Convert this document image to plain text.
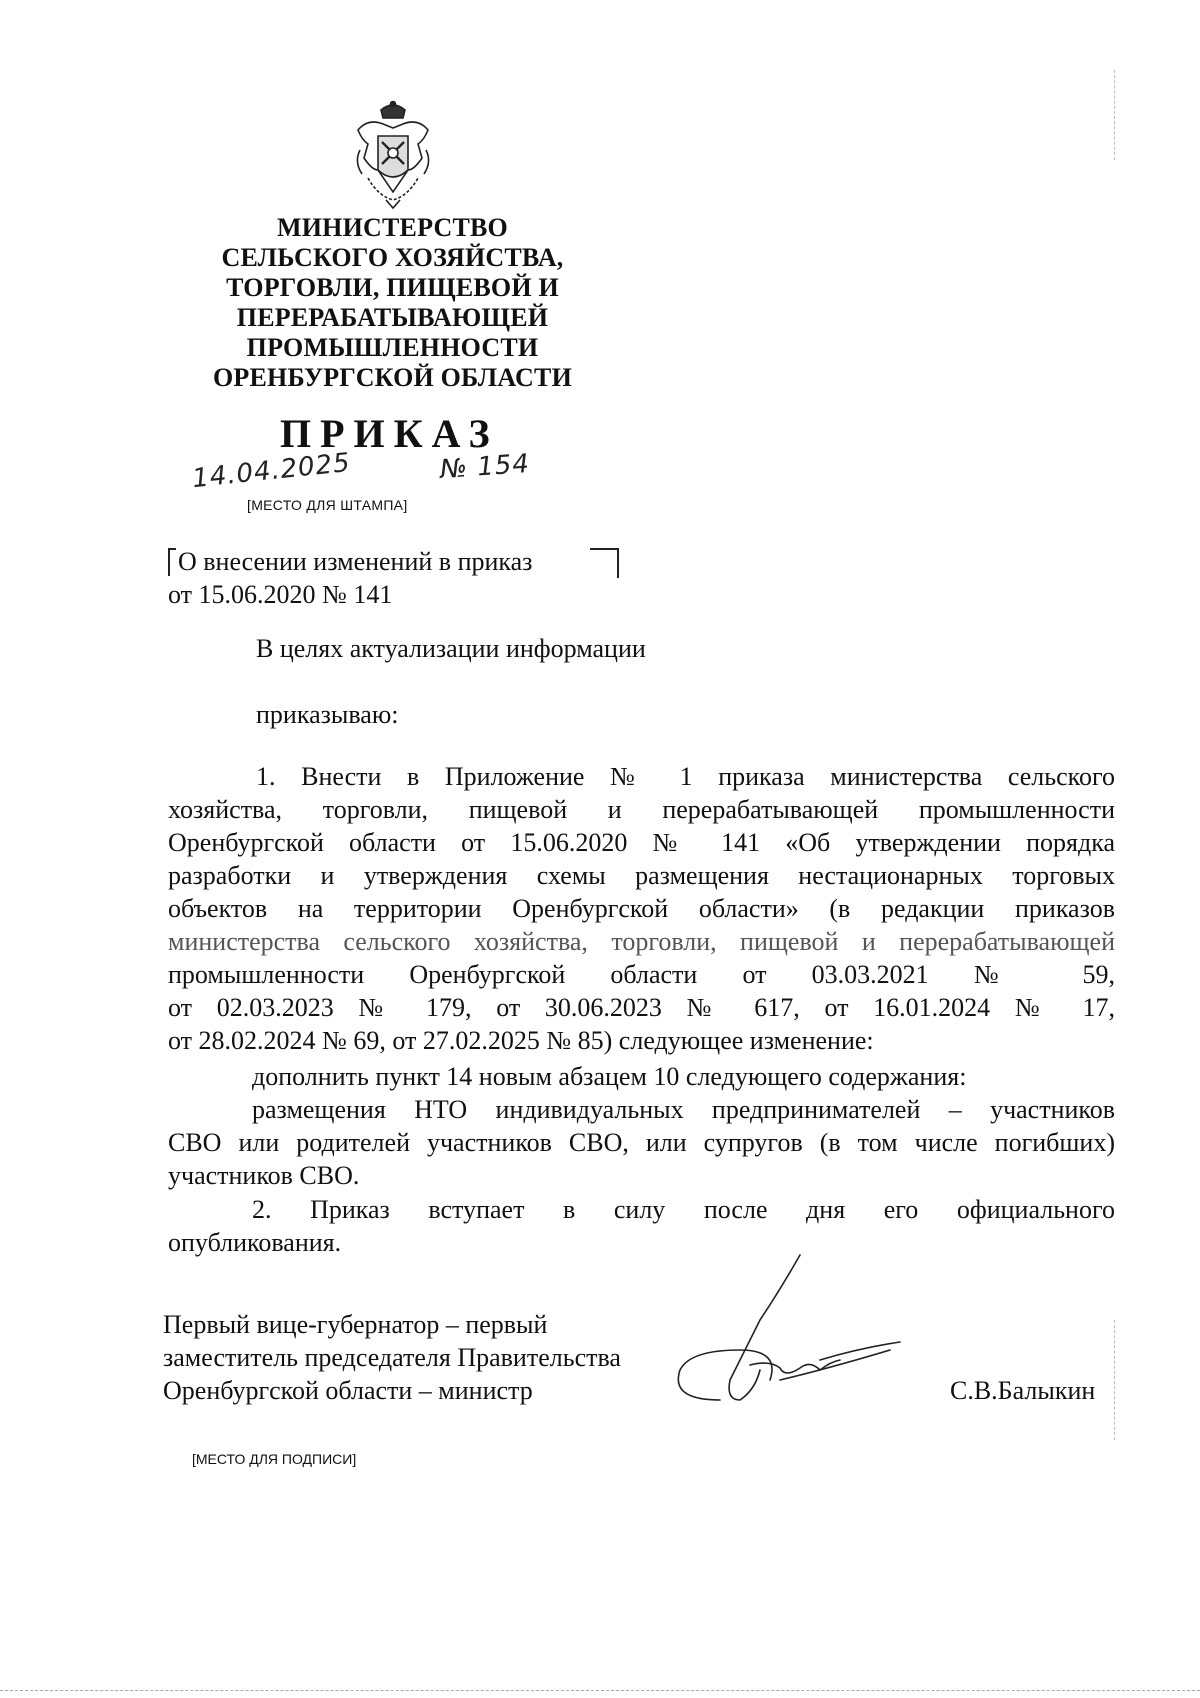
МИНИСТЕРСТВО
СЕЛЬСКОГО ХОЗЯЙСТВА,
ТОРГОВЛИ, ПИЩЕВОЙ И
ПЕРЕРАБАТЫВАЮЩЕЙ
ПРОМЫШЛЕННОСТИ
ОРЕНБУРГСКОЙ ОБЛАСТИ
ПРИКАЗ
14.04.2025	№ 154
[МЕСТО ДЛЯ ШТАМПА]
О внесении изменений в приказ
от 15.06.2020 № 141
В целях актуализации информации
приказываю:
1. Внести в Приложение № 1 приказа министерства сельского
хозяйства, торговли, пищевой и перерабатывающей промышленности
Оренбургской области от 15.06.2020 № 141 «Об утверждении порядка
разработки и утверждения схемы размещения нестационарных торговых
объектов на территории Оренбургской области» (в редакции приказов
министерства сельского хозяйства, торговли, пищевой и перерабатывающей
промышленности Оренбургской области от 03.03.2021 № 59,
от 02.03.2023 № 179, от 30.06.2023 № 617, от 16.01.2024 № 17,
от 28.02.2024 № 69, от 27.02.2025 № 85) следующее изменение:
дополнить пункт 14 новым абзацем 10 следующего содержания:
размещения НТО индивидуальных предпринимателей – участников
СВО или родителей участников СВО, или супругов (в том числе погибших)
участников СВО.
2. Приказ вступает в силу после дня его официального
опубликования.
Первый вице-губернатор – первый
заместитель председателя Правительства
Оренбургской области – министр	С.В.Балыкин
[МЕСТО ДЛЯ ПОДПИСИ]
